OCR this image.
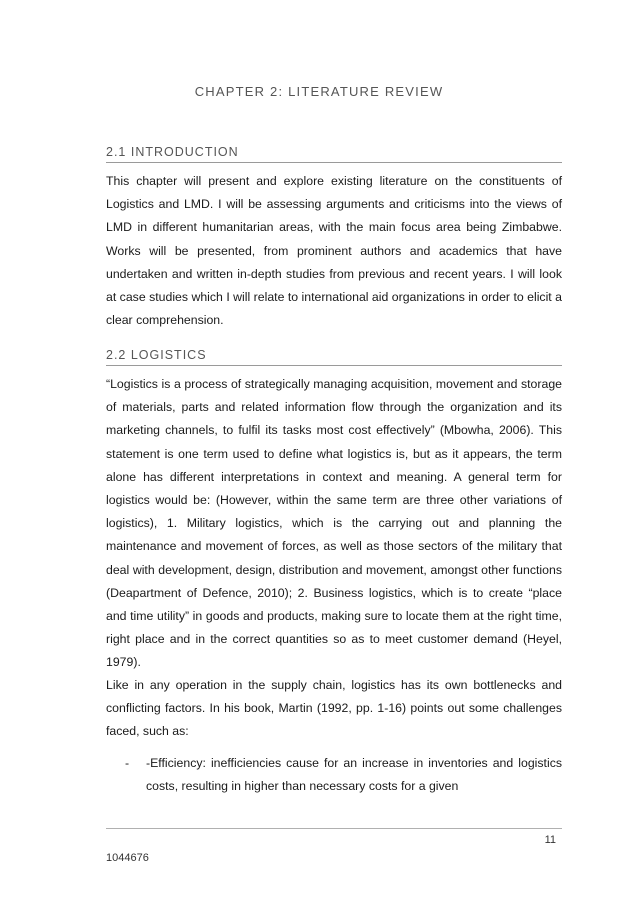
CHAPTER 2: LITERATURE REVIEW
2.1 INTRODUCTION

This chapter will present and explore existing literature on the constituents of Logistics and LMD. I will be assessing arguments and criticisms into the views of LMD in different humanitarian areas, with the main focus area being Zimbabwe. Works will be presented, from prominent authors and academics that have undertaken and written in-depth studies from previous and recent years. I will look at case studies which I will relate to international aid organizations in order to elicit a clear comprehension.

2.2 LOGISTICS

“Logistics is a process of strategically managing acquisition, movement and storage of materials, parts and related information flow through the organization and its marketing channels, to fulfil its tasks most cost effectively” (Mbowha, 2006). This statement is one term used to define what logistics is, but as it appears, the term alone has different interpretations in context and meaning. A general term for logistics would be: (However, within the same term are three other variations of logistics), 1. Military logistics, which is the carrying out and planning the maintenance and movement of forces, as well as those sectors of the military that deal with development, design, distribution and movement, amongst other functions (Deapartment of Defence, 2010); 2. Business logistics, which is to create “place and time utility” in goods and products, making sure to locate them at the right time, right place and in the correct quantities so as to meet customer demand (Heyel, 1979).

Like in any operation in the supply chain, logistics has its own bottlenecks and conflicting factors. In his book, Martin (1992, pp. 1-16) points out some challenges faced, such as:

- -Efficiency: inefficiencies cause for an increase in inventories and logistics costs, resulting in higher than necessary costs for a given

11
1044676
